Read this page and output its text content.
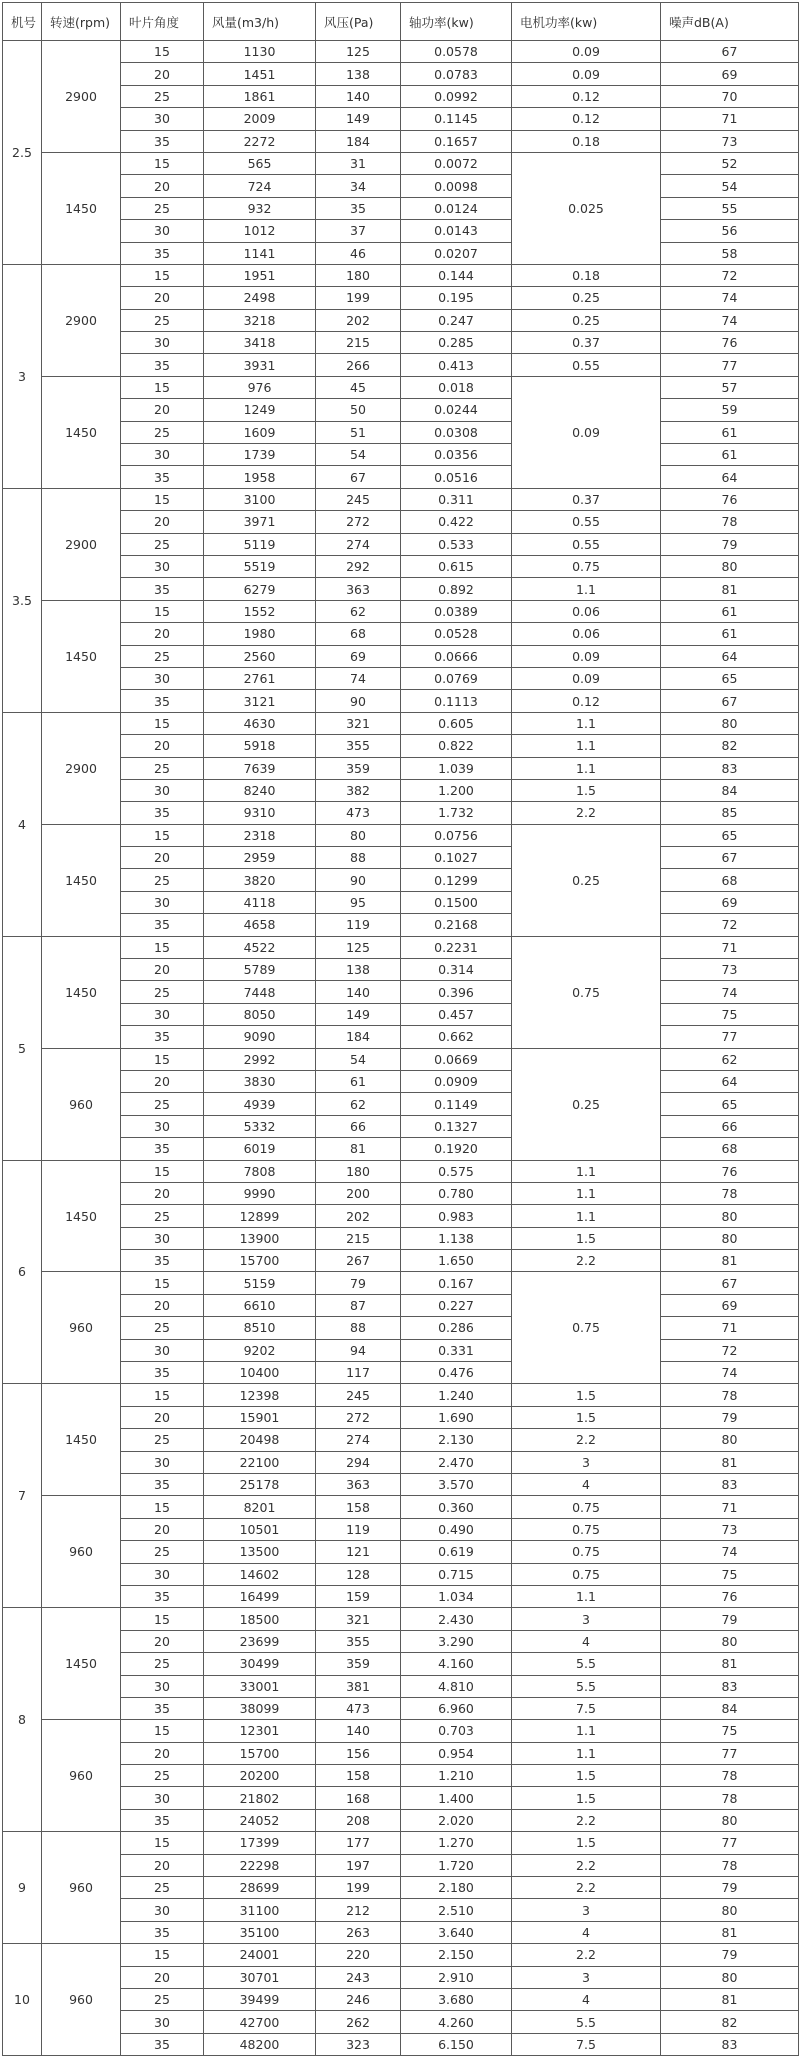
机号	转速(rpm)	叶片角度	风量(m3/h)	风压(Pa)	轴功率(kw)	电机功率(kw)	噪声dB(A)
2.5	2900	15	1130	125	0.0578	0.09	67
		20	1451	138	0.0783	0.09	69
		25	1861	140	0.0992	0.12	70
		30	2009	149	0.1145	0.12	71
		35	2272	184	0.1657	0.18	73
	1450	15	565	31	0.0072	0.025	52
		20	724	34	0.0098		54
		25	932	35	0.0124		55
		30	1012	37	0.0143		56
		35	1141	46	0.0207		58
3	2900	15	1951	180	0.144	0.18	72
		20	2498	199	0.195	0.25	74
		25	3218	202	0.247	0.25	74
		30	3418	215	0.285	0.37	76
		35	3931	266	0.413	0.55	77
	1450	15	976	45	0.018	0.09	57
		20	1249	50	0.0244		59
		25	1609	51	0.0308		61
		30	1739	54	0.0356		61
		35	1958	67	0.0516		64
3.5	2900	15	3100	245	0.311	0.37	76
		20	3971	272	0.422	0.55	78
		25	5119	274	0.533	0.55	79
		30	5519	292	0.615	0.75	80
		35	6279	363	0.892	1.1	81
	1450	15	1552	62	0.0389	0.06	61
		20	1980	68	0.0528	0.06	61
		25	2560	69	0.0666	0.09	64
		30	2761	74	0.0769	0.09	65
		35	3121	90	0.1113	0.12	67
4	2900	15	4630	321	0.605	1.1	80
		20	5918	355	0.822	1.1	82
		25	7639	359	1.039	1.1	83
		30	8240	382	1.200	1.5	84
		35	9310	473	1.732	2.2	85
	1450	15	2318	80	0.0756	0.25	65
		20	2959	88	0.1027		67
		25	3820	90	0.1299		68
		30	4118	95	0.1500		69
		35	4658	119	0.2168		72
5	1450	15	4522	125	0.2231	0.75	71
		20	5789	138	0.314		73
		25	7448	140	0.396		74
		30	8050	149	0.457		75
		35	9090	184	0.662		77
	960	15	2992	54	0.0669	0.25	62
		20	3830	61	0.0909		64
		25	4939	62	0.1149		65
		30	5332	66	0.1327		66
		35	6019	81	0.1920		68
6	1450	15	7808	180	0.575	1.1	76
		20	9990	200	0.780	1.1	78
		25	12899	202	0.983	1.1	80
		30	13900	215	1.138	1.5	80
		35	15700	267	1.650	2.2	81
	960	15	5159	79	0.167	0.75	67
		20	6610	87	0.227		69
		25	8510	88	0.286		71
		30	9202	94	0.331		72
		35	10400	117	0.476		74
7	1450	15	12398	245	1.240	1.5	78
		20	15901	272	1.690	1.5	79
		25	20498	274	2.130	2.2	80
		30	22100	294	2.470	3	81
		35	25178	363	3.570	4	83
	960	15	8201	158	0.360	0.75	71
		20	10501	119	0.490	0.75	73
		25	13500	121	0.619	0.75	74
		30	14602	128	0.715	0.75	75
		35	16499	159	1.034	1.1	76
8	1450	15	18500	321	2.430	3	79
		20	23699	355	3.290	4	80
		25	30499	359	4.160	5.5	81
		30	33001	381	4.810	5.5	83
		35	38099	473	6.960	7.5	84
	960	15	12301	140	0.703	1.1	75
		20	15700	156	0.954	1.1	77
		25	20200	158	1.210	1.5	78
		30	21802	168	1.400	1.5	78
		35	24052	208	2.020	2.2	80
9	960	15	17399	177	1.270	1.5	77
		20	22298	197	1.720	2.2	78
		25	28699	199	2.180	2.2	79
		30	31100	212	2.510	3	80
		35	35100	263	3.640	4	81
10	960	15	24001	220	2.150	2.2	79
		20	30701	243	2.910	3	80
		25	39499	246	3.680	4	81
		30	42700	262	4.260	5.5	82
		35	48200	323	6.150	7.5	83
